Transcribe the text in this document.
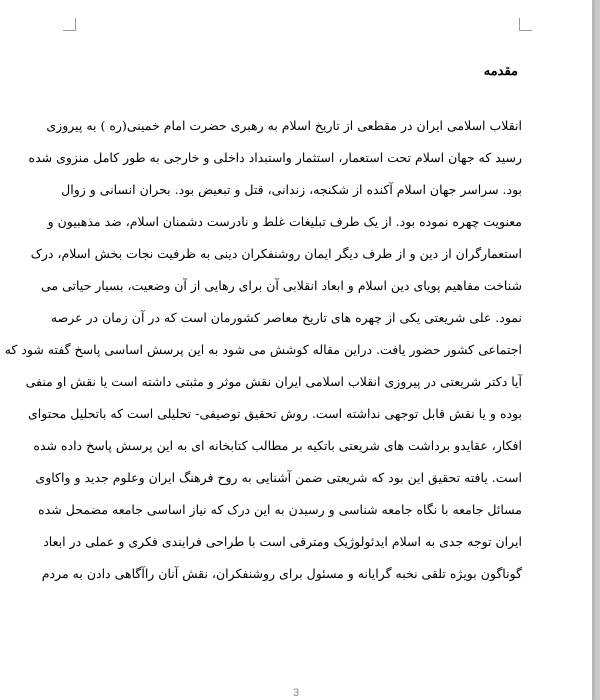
مقدمه
انقلاب اسلامی ایران در مقطعی از تاریخ اسلام به رهبری حضرت امام خمینی(ره ) به پیروزی
رسید که جهان اسلام تحت استعمار، استثمار واستبداد داخلی و خارجی به طور کامل منزوی شده
بود. سراسر جهان اسلام آکنده از شکنجه، زندانی، قتل و تبعیض بود. بحران انسانی و زوال
معنویت چهره نموده بود. از یک طرف تبلیغات غلط و نادرست دشمنان اسلام، ضد مذهبیون و
استعمارگران از دین و از طرف دیگر ایمان روشنفکران دینی به ظرفیت نجات بخش اسلام، درک
شناخت مفاهیم پویای دین اسلام و ابعاد انقلابی آن برای رهایی از آن وضعیت، بسیار حیاتی می
نمود. علی شریعتی یکی از چهره های تاریخ معاصر کشورمان است که در آن زمان در عرصه
اجتماعی کشور حضور یافت. دراین مقاله کوشش می شود به این پرسش اساسی پاسخ گفته شود که
آیا دکتر شریعتی در پیروزی انقلاب اسلامی ایران نقش موثر و مثبتی داشته است یا نقش او منفی
بوده و یا نقش قابل توجهی نداشته است. روش تحقیق توصیفی- تحلیلی است که باتحلیل محتوای
افکار، عقایدو برداشت های شریعتی باتکیه بر مطالب کتابخانه ای به این پرسش پاسخ داده شده
است. یافته تحقیق این بود که شریعتی ضمن آشنایی به روح فرهنگ ایران وعلوم جدید و واکاوی
مسائل جامعه با نگاه جامعه شناسی و رسیدن به این درک که نیاز اساسی جامعه مضمحل شده
ایران توجه جدی به اسلام ایدئولوژیک ومترقی است با طراحی فرایندی فکری و عملی در ابعاد
گوناگون بویژه تلقی نخبه گرایانه و مسئول برای روشنفکران، نقش آنان راآگاهی دادن به مردم
3
